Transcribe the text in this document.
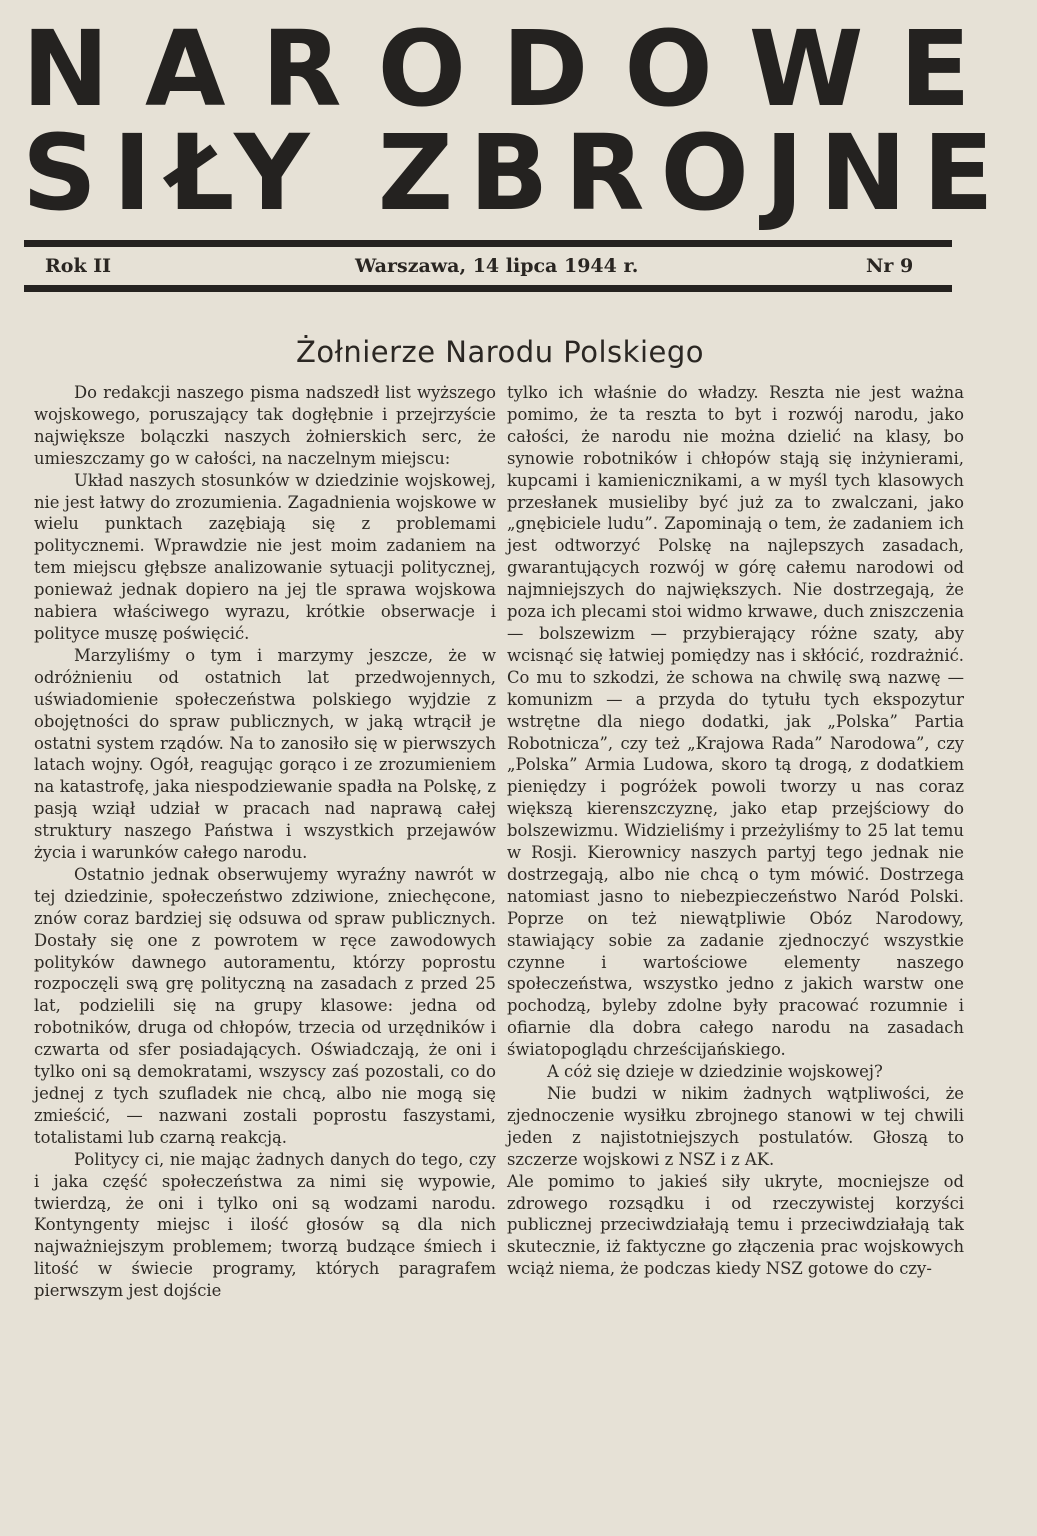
NARODOWE
SIŁY ZBROJNE
Rok II	Warszawa, 14 lipca 1944 r.	Nr 9
Żołnierze Narodu Polskiego

Do redakcji naszego pisma nadszedł list wyższego wojskowego, poruszający tak dogłębnie i przejrzyście największe bolączki naszych żołnierskich serc, że umieszczamy go w całości, na naczelnym miejscu:

Układ naszych stosunków w dziedzinie wojskowej, nie jest łatwy do zrozumienia. Zagadnienia wojskowe w wielu punktach zazębiają się z problemami politycznemi. Wprawdzie nie jest moim zadaniem na tem miejscu głębsze analizowanie sytuacji politycznej, ponieważ jednak dopiero na jej tle sprawa wojskowa nabiera właściwego wyrazu, krótkie obserwacje i polityce muszę poświęcić.

Marzyliśmy o tym i marzymy jeszcze, że w odróżnieniu od ostatnich lat przedwojennych, uświadomienie społeczeństwa polskiego wyjdzie z obojętności do spraw publicznych, w jaką wtrącił je ostatni system rządów. Na to zanosiło się w pierwszych latach wojny. Ogół, reagując gorąco i ze zrozumieniem na katastrofę, jaka niespodziewanie spadła na Polskę, z pasją wziął udział w pracach nad naprawą całej struktury naszego Państwa i wszystkich przejawów życia i warunków całego narodu.

Ostatnio jednak obserwujemy wyraźny nawrót w tej dziedzinie, społeczeństwo zdziwione, zniechęcone, znów coraz bardziej się odsuwa od spraw publicznych. Dostały się one z powrotem w ręce zawodowych polityków dawnego autoramentu, którzy poprostu rozpoczęli swą grę polityczną na zasadach z przed 25 lat, podzielili się na grupy klasowe: jedna od robotników, druga od chłopów, trzecia od urzędników i czwarta od sfer posiadających. Oświadczają, że oni i tylko oni są demokratami, wszyscy zaś pozostali, co do jednej z tych szufladek nie chcą, albo nie mogą się zmieścić, — nazwani zostali poprostu faszystami, totalistami lub czarną reakcją.

Politycy ci, nie mając żadnych danych do tego, czy i jaka część społeczeństwa za nimi się wypowie, twierdzą, że oni i tylko oni są wodzami narodu. Kontyngenty miejsc i ilość głosów są dla nich najważniejszym problemem; tworzą budzące śmiech i litość w świecie programy, których paragrafem pierwszym jest dojście

tylko ich właśnie do władzy. Reszta nie jest ważna pomimo, że ta reszta to byt i rozwój narodu, jako całości, że narodu nie można dzielić na klasy, bo synowie robotników i chłopów stają się inżynierami, kupcami i kamienicznikami, a w myśl tych klasowych przesłanek musieliby być już za to zwalczani, jako „gnębiciele ludu”. Zapominają o tem, że zadaniem ich jest odtworzyć Polskę na najlepszych zasadach, gwarantujących rozwój w górę całemu narodowi od najmniejszych do największych. Nie dostrzegają, że poza ich plecami stoi widmo krwawe, duch zniszczenia — bolszewizm — przybierający różne szaty, aby wcisnąć się łatwiej pomiędzy nas i skłócić, rozdrażnić. Co mu to szkodzi, że schowa na chwilę swą nazwę — komunizm — a przyda do tytułu tych ekspozytur wstrętne dla niego dodatki, jak „Polska” Partia Robotnicza”, czy też „Krajowa Rada” Narodowa”, czy „Polska” Armia Ludowa, skoro tą drogą, z dodatkiem pieniędzy i pogróżek powoli tworzy u nas coraz większą kierenszczyznę, jako etap przejściowy do bolszewizmu. Widzieliśmy i przeżyliśmy to 25 lat temu w Rosji. Kierownicy naszych partyj tego jednak nie dostrzegają, albo nie chcą o tym mówić. Dostrzega natomiast jasno to niebezpieczeństwo Naród Polski. Poprze on też niewątpliwie Obóz Narodowy, stawiający sobie za zadanie zjednoczyć wszystkie czynne i wartościowe elementy naszego społeczeństwa, wszystko jedno z jakich warstw one pochodzą, byleby zdolne były pracować rozumnie i ofiarnie dla dobra całego narodu na zasadach światopoglądu chrześcijańskiego.

A cóż się dzieje w dziedzinie wojskowej?

Nie budzi w nikim żadnych wątpliwości, że zjednoczenie wysiłku zbrojnego stanowi w tej chwili jeden z najistotniejszych postulatów. Głoszą to szczerze wojskowi z NSZ i z AK.

Ale pomimo to jakieś siły ukryte, mocniejsze od zdrowego rozsądku i od rzeczywistej korzyści publicznej przeciwdziałają temu i przeciwdziałają tak skutecznie, iż faktyczne go złączenia prac wojskowych wciąż niema, że podczas kiedy NSZ gotowe do czy-
